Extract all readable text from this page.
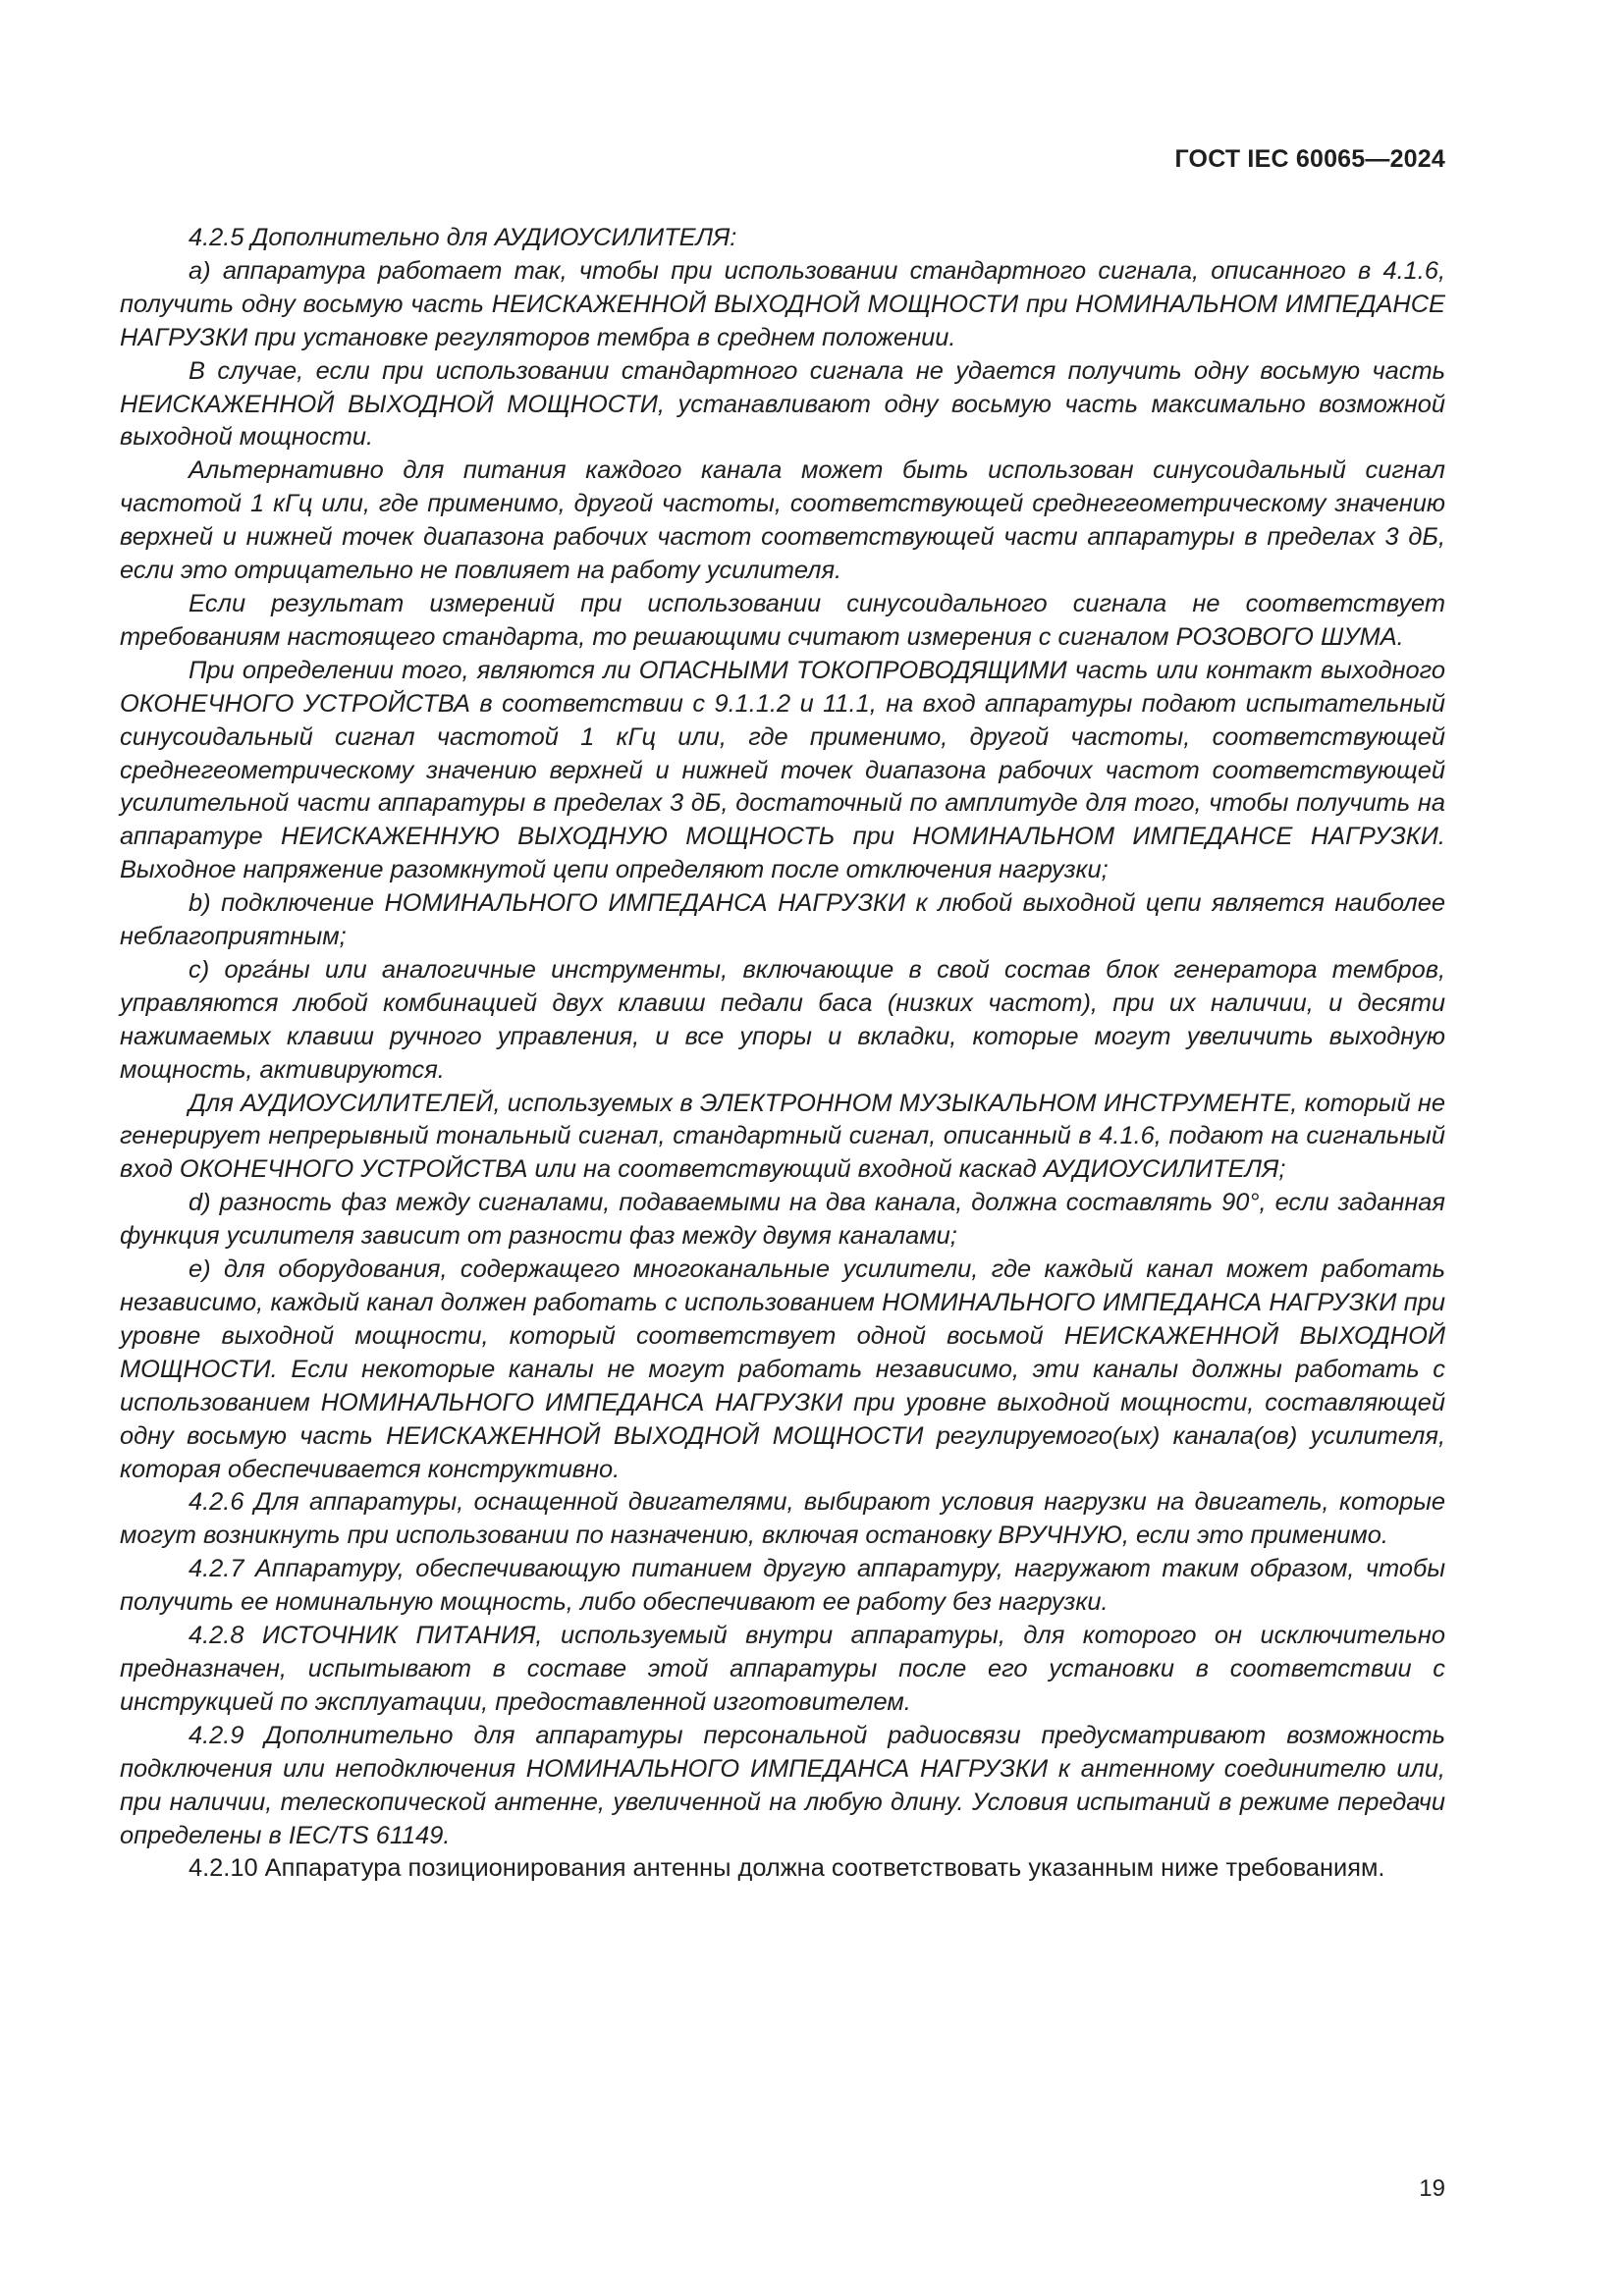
ГОСТ IEC 60065—2024

4.2.5 Дополнительно для АУДИОУСИЛИТЕЛЯ:

a) аппаратура работает так, чтобы при использовании стандартного сигнала, описанного в 4.1.6, получить одну восьмую часть НЕИСКАЖЕННОЙ ВЫХОДНОЙ МОЩНОСТИ при НОМИНАЛЬНОМ ИМПЕДАНСЕ НАГРУЗКИ при установке регуляторов тембра в среднем положении.

В случае, если при использовании стандартного сигнала не удается получить одну восьмую часть НЕИСКАЖЕННОЙ ВЫХОДНОЙ МОЩНОСТИ, устанавливают одну восьмую часть максимально возможной выходной мощности.

Альтернативно для питания каждого канала может быть использован синусоидальный сигнал частотой 1 кГц или, где применимо, другой частоты, соответствующей среднегеометрическому значению верхней и нижней точек диапазона рабочих частот соответствующей части аппаратуры в пределах 3 дБ, если это отрицательно не повлияет на работу усилителя.

Если результат измерений при использовании синусоидального сигнала не соответствует требованиям настоящего стандарта, то решающими считают измерения с сигналом РОЗОВОГО ШУМА.

При определении того, являются ли ОПАСНЫМИ ТОКОПРОВОДЯЩИМИ часть или контакт выходного ОКОНЕЧНОГО УСТРОЙСТВА в соответствии с 9.1.1.2 и 11.1, на вход аппаратуры подают испытательный синусоидальный сигнал частотой 1 кГц или, где применимо, другой частоты, соответствующей среднегеометрическому значению верхней и нижней точек диапазона рабочих частот соответствующей усилительной части аппаратуры в пределах 3 дБ, достаточный по амплитуде для того, чтобы получить на аппаратуре НЕИСКАЖЕННУЮ ВЫХОДНУЮ МОЩНОСТЬ при НОМИНАЛЬНОМ ИМПЕДАНСЕ НАГРУЗКИ. Выходное напряжение разомкнутой цепи определяют после отключения нагрузки;

b) подключение НОМИНАЛЬНОГО ИМПЕДАНСА НАГРУЗКИ к любой выходной цепи является наиболее неблагоприятным;

c) орга́ны или аналогичные инструменты, включающие в свой состав блок генератора тембров, управляются любой комбинацией двух клавиш педали баса (низких частот), при их наличии, и десяти нажимаемых клавиш ручного управления, и все упоры и вкладки, которые могут увеличить выходную мощность, активируются.

Для АУДИОУСИЛИТЕЛЕЙ, используемых в ЭЛЕКТРОННОМ МУЗЫКАЛЬНОМ ИНСТРУМЕНТЕ, который не генерирует непрерывный тональный сигнал, стандартный сигнал, описанный в 4.1.6, подают на сигнальный вход ОКОНЕЧНОГО УСТРОЙСТВА или на соответствующий входной каскад АУДИОУСИЛИТЕЛЯ;

d) разность фаз между сигналами, подаваемыми на два канала, должна составлять 90°, если заданная функция усилителя зависит от разности фаз между двумя каналами;

e) для оборудования, содержащего многоканальные усилители, где каждый канал может работать независимо, каждый канал должен работать с использованием НОМИНАЛЬНОГО ИМПЕДАНСА НАГРУЗКИ при уровне выходной мощности, который соответствует одной восьмой НЕИСКАЖЕННОЙ ВЫХОДНОЙ МОЩНОСТИ. Если некоторые каналы не могут работать независимо, эти каналы должны работать с использованием НОМИНАЛЬНОГО ИМПЕДАНСА НАГРУЗКИ при уровне выходной мощности, составляющей одну восьмую часть НЕИСКАЖЕННОЙ ВЫХОДНОЙ МОЩНОСТИ регулируемого(ых) канала(ов) усилителя, которая обеспечивается конструктивно.

4.2.6 Для аппаратуры, оснащенной двигателями, выбирают условия нагрузки на двигатель, которые могут возникнуть при использовании по назначению, включая остановку ВРУЧНУЮ, если это применимо.

4.2.7 Аппаратуру, обеспечивающую питанием другую аппаратуру, нагружают таким образом, чтобы получить ее номинальную мощность, либо обеспечивают ее работу без нагрузки.

4.2.8 ИСТОЧНИК ПИТАНИЯ, используемый внутри аппаратуры, для которого он исключительно предназначен, испытывают в составе этой аппаратуры после его установки в соответствии с инструкцией по эксплуатации, предоставленной изготовителем.

4.2.9 Дополнительно для аппаратуры персональной радиосвязи предусматривают возможность подключения или неподключения НОМИНАЛЬНОГО ИМПЕДАНСА НАГРУЗКИ к антенному соединителю или, при наличии, телескопической антенне, увеличенной на любую длину. Условия испытаний в режиме передачи определены в IEC/TS 61149.

4.2.10 Аппаратура позиционирования антенны должна соответствовать указанным ниже требованиям.

19
